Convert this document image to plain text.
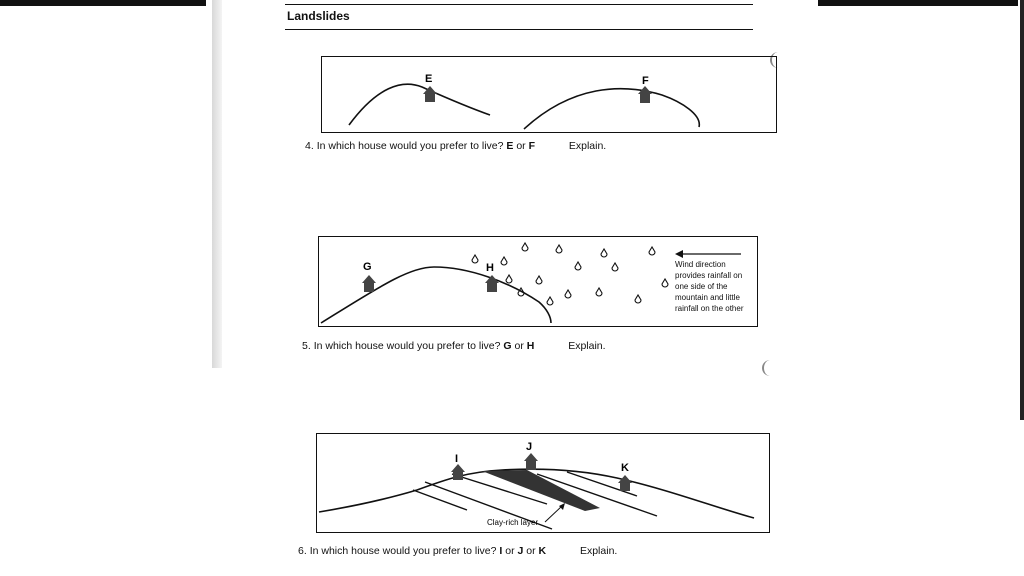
Landslides
E	F
4. In which house would you prefer to live? E or F	Explain.
G	H	Wind direction provides rainfall on one side of the mountain and little rainfall on the other
5. In which house would you prefer to live? G or H	Explain.
Clay-rich layer
I
J
K
6. In which house would you prefer to live? I or J or K	Explain.
